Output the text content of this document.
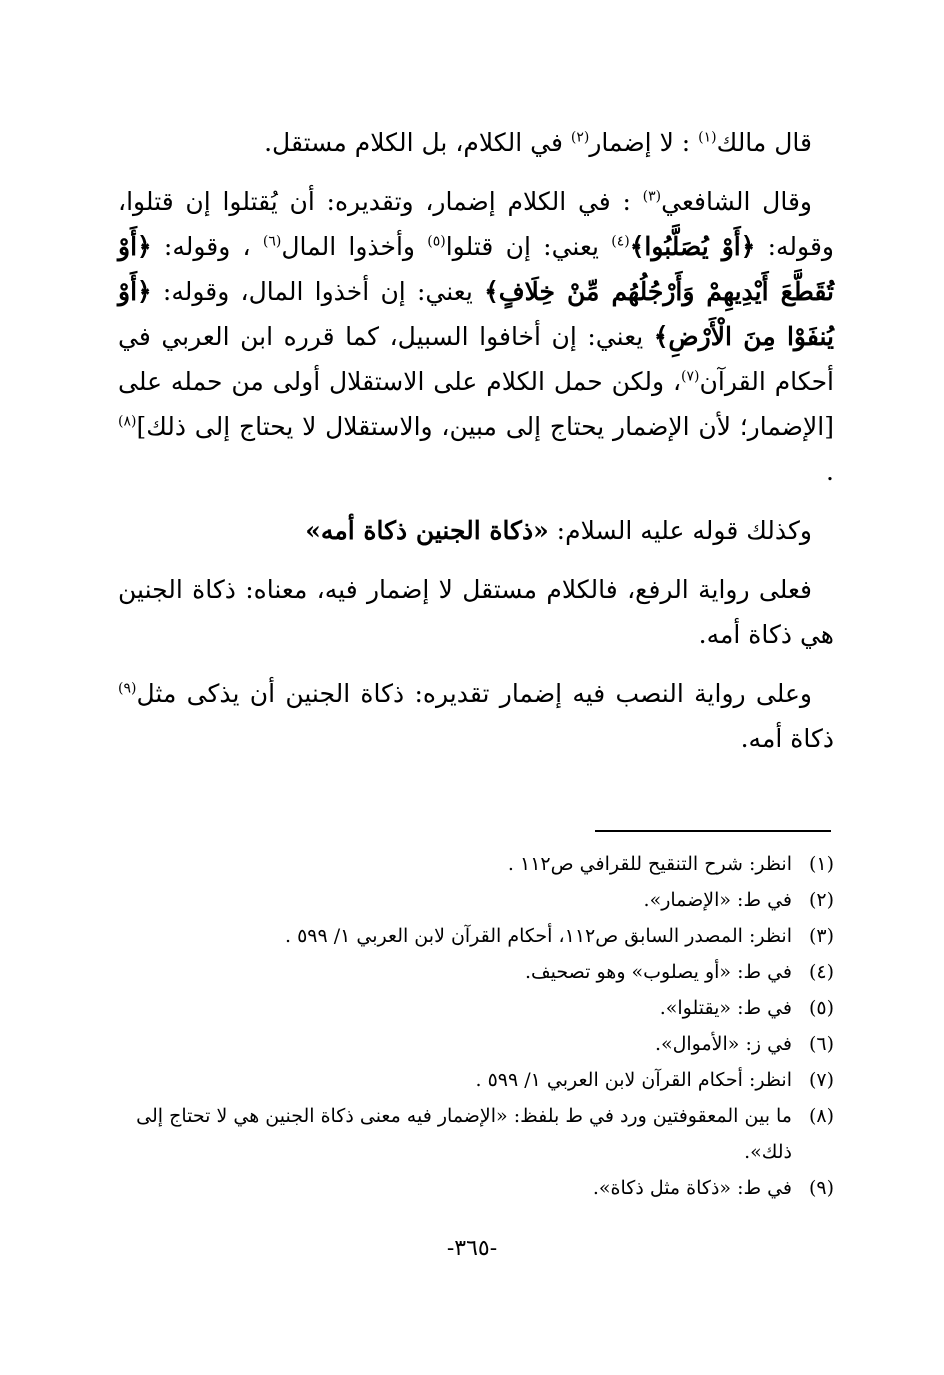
قال مالك$^{(١)}$ : لا إضمار$^{(٢)}$ في الكلام، بل الكلام مستقل.

وقال الشافعي$^{(٣)}$ : في الكلام إضمار، وتقديره: أن يُقتلوا إن قتلوا، وقوله: ﴿أَوْ يُصَلَّبُوا﴾$^{(٤)}$ يعني: إن قتلوا$^{(٥)}$ وأخذوا المال$^{(٦)}$ ، وقوله: ﴿أَوْ تُقَطَّعَ أَيْدِيهِمْ وَأَرْجُلُهُم مِّنْ خِلَافٍ﴾ يعني: إن أخذوا المال، وقوله: ﴿أَوْ يُنفَوْا مِنَ الْأَرْضِ﴾ يعني: إن أخافوا السبيل، كما قرره ابن العربي في أحكام القرآن$^{(٧)}$، ولكن حمل الكلام على الاستقلال أولى من حمله على [الإضمار؛ لأن الإضمار يحتاج إلى مبين، والاستقلال لا يحتاج إلى ذلك]$^{(٨)}$ .

وكذلك قوله عليه السلام: «ذكاة الجنين ذكاة أمه»

فعلى رواية الرفع، فالكلام مستقل لا إضمار فيه، معناه: ذكاة الجنين هي ذكاة أمه.

وعلى رواية النصب فيه إضمار تقديره: ذكاة الجنين أن يذكى مثل$^{(٩)}$ ذكاة أمه.

(١)
انظر: شرح التنقيح للقرافي ص١١٢ .
(٢)
في ط: «الإضمار».
(٣)
انظر: المصدر السابق ص١١٢، أحكام القرآن لابن العربي ١/ ٥٩٩ .
(٤)
في ط: «أو يصلوب» وهو تصحيف.
(٥)
في ط: «يقتلوا».
(٦)
في ز: «الأموال».
(٧)
انظر: أحكام القرآن لابن العربي ١/ ٥٩٩ .
(٨)
ما بين المعقوفتين ورد في ط بلفظ: «الإضمار فيه معنى ذكاة الجنين هي لا تحتاج إلى ذلك».
(٩)
في ط: «ذكاة مثل ذكاة».
-٣٦٥-
